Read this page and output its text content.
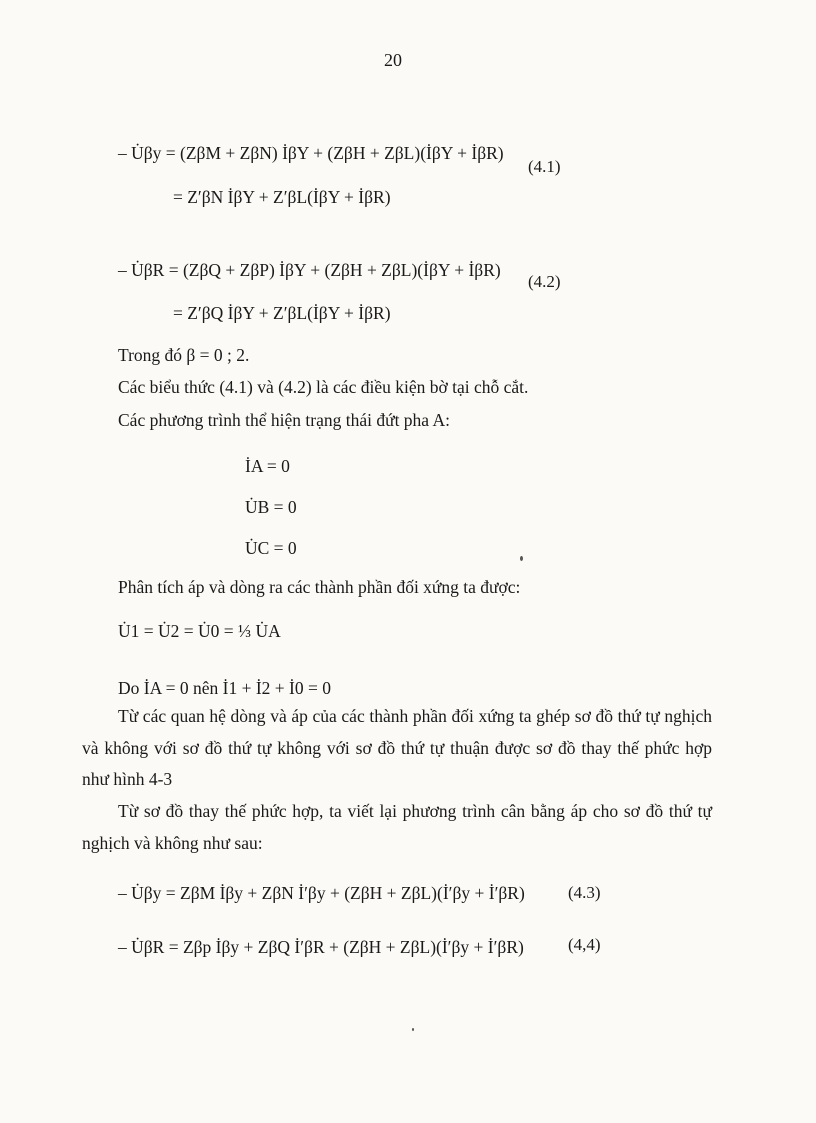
20
– U̇βy = (ZβM + ZβN) İβY + (ZβH + ZβL)(İβY + İβR)
= Z′βN İβY + Z′βL(İβY + İβR)
(4.1)
– U̇βR = (ZβQ + ZβP) İβY + (ZβH + ZβL)(İβY + İβR)
= Z′βQ İβY + Z′βL(İβY + İβR)
(4.2)
Trong đó β = 0 ; 2.
Các biểu thức (4.1) và (4.2) là các điều kiện bờ tại chỗ cắt.
Các phương trình thể hiện trạng thái đứt pha A:
İA = 0
U̇B = 0
U̇C = 0
Phân tích áp và dòng ra các thành phần đối xứng ta được:
U̇1 = U̇2 = U̇0 = ⅓ U̇A
Do İA = 0 nên İ1 + İ2 + İ0 = 0
Từ các quan hệ dòng và áp của các thành phần đối xứng ta ghép sơ đồ thứ tự nghịch và không với sơ đồ thứ tự không với sơ đồ thứ tự thuận được sơ đồ thay thế phức hợp như hình 4-3
Từ sơ đồ thay thế phức hợp, ta viết lại phương trình cân bằng áp cho sơ đồ thứ tự nghịch và không như sau:
– U̇βy = ZβM İβy + ZβN İ′βy + (ZβH + ZβL)(İ′βy + İ′βR)	(4.3)
– U̇βR = Zβp İβy + ZβQ İ′βR + (ZβH + ZβL)(İ′βy + İ′βR)	(4,4)
